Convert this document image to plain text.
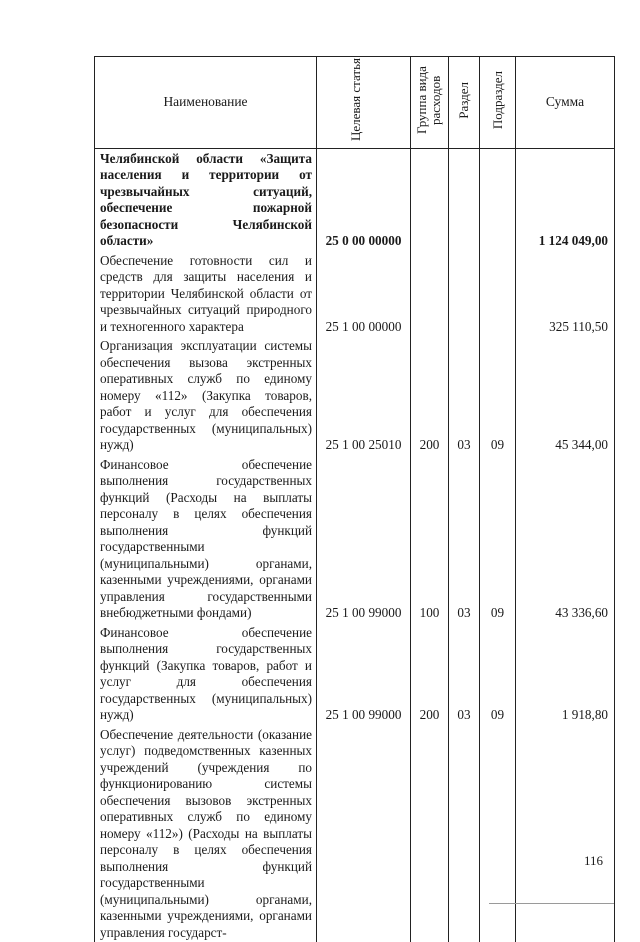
Наименование	Целевая статья	Группа вида расходов	Раздел	Подраздел	Сумма
Челябинской области «Защита населения и территории от чрезвычайных ситуаций, обеспечение пожарной безопасности Челябинской области»	25 0 00 00000				1 124 049,00
Обеспечение готовности сил и средств для защиты населения и территории Челябинской области от чрезвычайных ситуаций природного и техногенного характера	25 1 00 00000				325 110,50
Организация эксплуатации системы обеспечения вызова экстренных оперативных служб по единому номеру «112» (Закупка товаров, работ и услуг для обеспечения государственных (муниципальных) нужд)	25 1 00 25010	200	03	09	45 344,00
Финансовое обеспечение выполнения государственных функций (Расходы на выплаты персоналу в целях обеспечения выполнения функций государственными (муниципальными) органами, казенными учреждениями, органами управления государственными внебюджетными фондами)	25 1 00 99000	100	03	09	43 336,60
Финансовое обеспечение выполнения государственных функций (Закупка товаров, работ и услуг для обеспечения государственных (муниципальных) нужд)	25 1 00 99000	200	03	09	1 918,80
Обеспечение деятельности (оказание услуг) подведомственных казенных учреждений (учреждения по функционированию системы обеспечения вызовов экстренных оперативных служб по единому номеру «112») (Расходы на выплаты персоналу в целях обеспечения выполнения функций государственными (муниципальными) органами, казенными учреждениями, органами управления государст-					
116
